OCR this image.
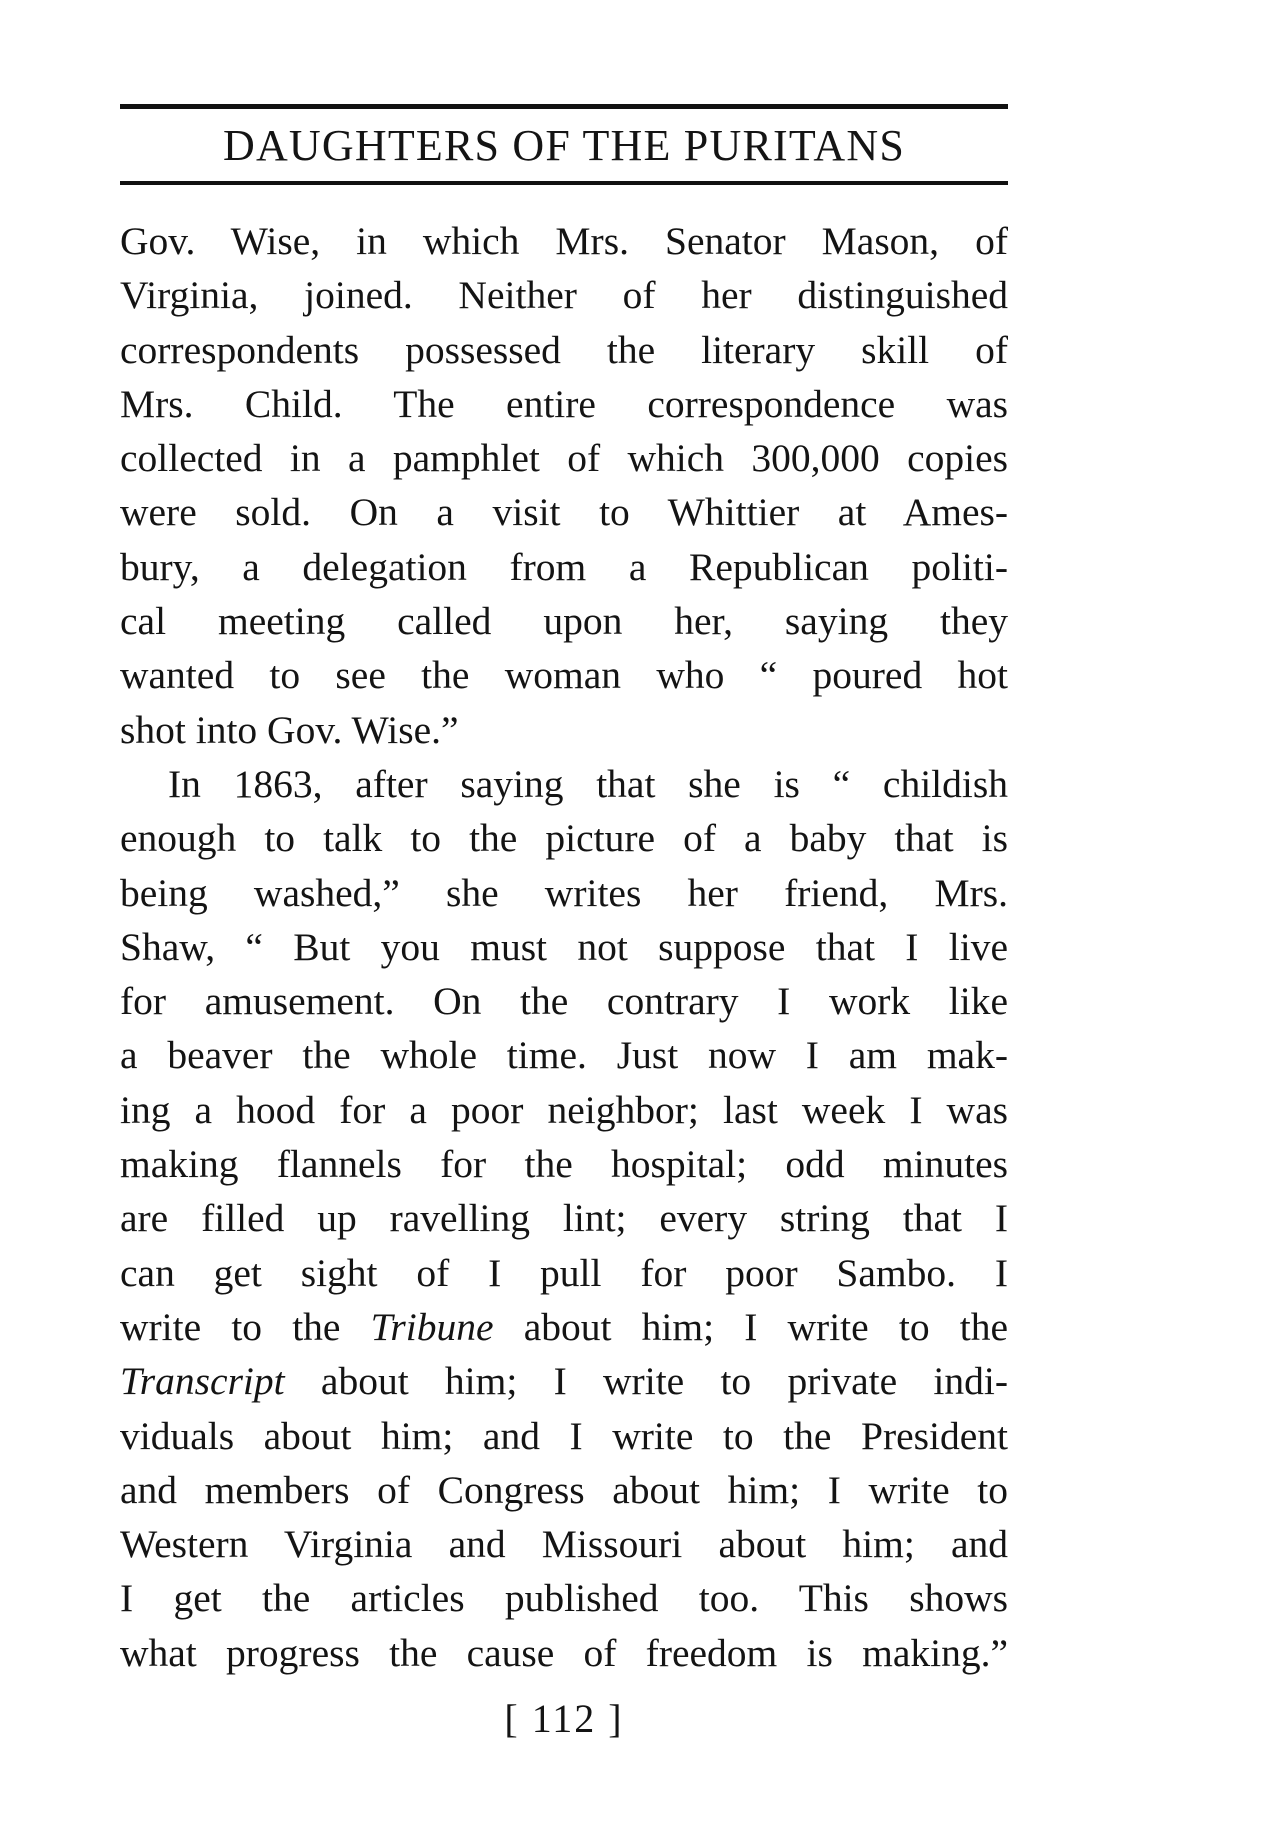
DAUGHTERS OF THE PURITANS
Gov. Wise, in which Mrs. Senator Mason, of
Virginia, joined. Neither of her distinguished
correspondents possessed the literary skill of
Mrs. Child. The entire correspondence was
collected in a pamphlet of which 300,000 copies
were sold. On a visit to Whittier at Ames-
bury, a delegation from a Republican politi-
cal meeting called upon her, saying they
wanted to see the woman who “ poured hot
shot into Gov. Wise.”
In 1863, after saying that she is “ childish
enough to talk to the picture of a baby that is
being washed,” she writes her friend, Mrs.
Shaw, “ But you must not suppose that I live
for amusement. On the contrary I work like
a beaver the whole time. Just now I am mak-
ing a hood for a poor neighbor; last week I was
making flannels for the hospital; odd minutes
are filled up ravelling lint; every string that I
can get sight of I pull for poor Sambo. I
write to the Tribune about him; I write to the
Transcript about him; I write to private indi-
viduals about him; and I write to the President
and members of Congress about him; I write to
Western Virginia and Missouri about him; and
I get the articles published too. This shows
what progress the cause of freedom is making.”
[ 112 ]
